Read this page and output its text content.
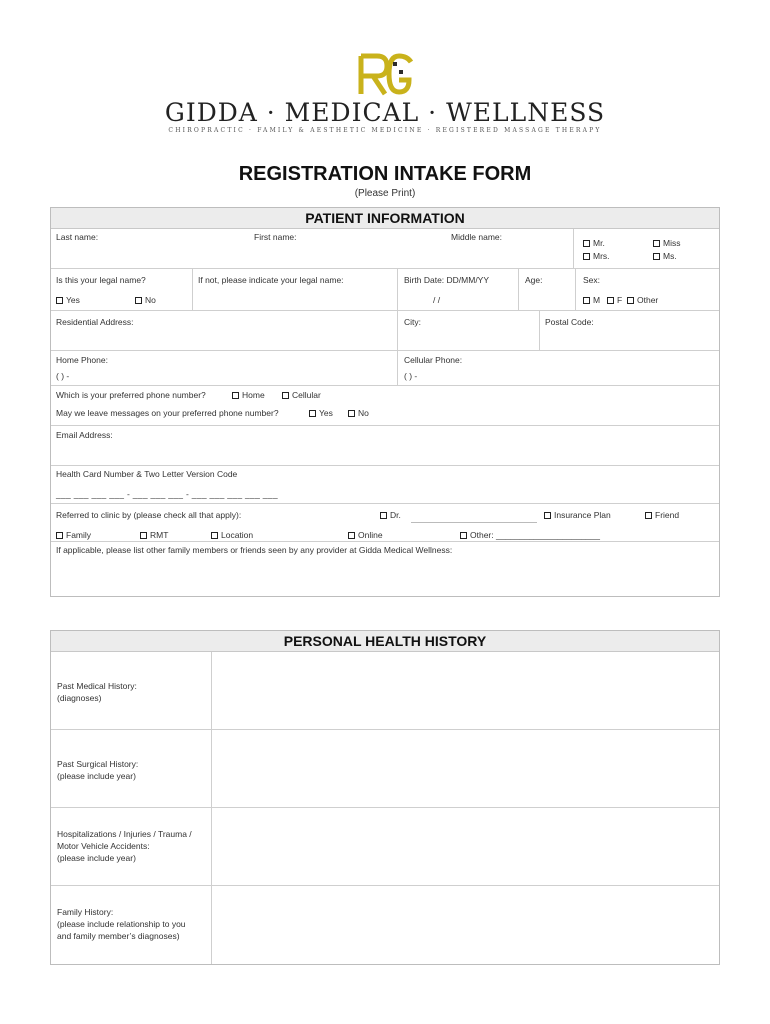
GIDDA · MEDICAL · WELLNESS
CHIROPRACTIC · FAMILY & AESTHETIC MEDICINE · REGISTERED MASSAGE THERAPY
REGISTRATION INTAKE FORM
(Please Print)
PATIENT INFORMATION
Last name:	First name:	Middle name:
Mr.
Mrs.
Miss
Ms.
Is this your legal name?
Yes	No
If not, please indicate your legal name:	Birth Date: DD/MM/YY
/ /
Age:	Sex:
M	F	Other
Residential Address:	City:	Postal Code:
Home Phone:
( ) -
Cellular Phone:
( ) -
Which is your preferred phone number?	Home	Cellular
May we leave messages on your preferred phone number?	Yes	No
Email Address:
Health Card Number & Two Letter Version Code
___ ___ ___ ___ - ___ ___ ___ - ___ ___ ___ ___ ___
Referred to clinic by (please check all that apply):	Dr.	Insurance Plan	Friend
Family	RMT	Location	Online	Other: ______________________
If applicable, please list other family members or friends seen by any provider at Gidda Medical Wellness:
PERSONAL HEALTH HISTORY
Past Medical History:
(diagnoses)
Past Surgical History:
(please include year)
Hospitalizations / Injuries / Trauma /
Motor Vehicle Accidents:
(please include year)
Family History:
(please include relationship to you
and family member’s diagnoses)
